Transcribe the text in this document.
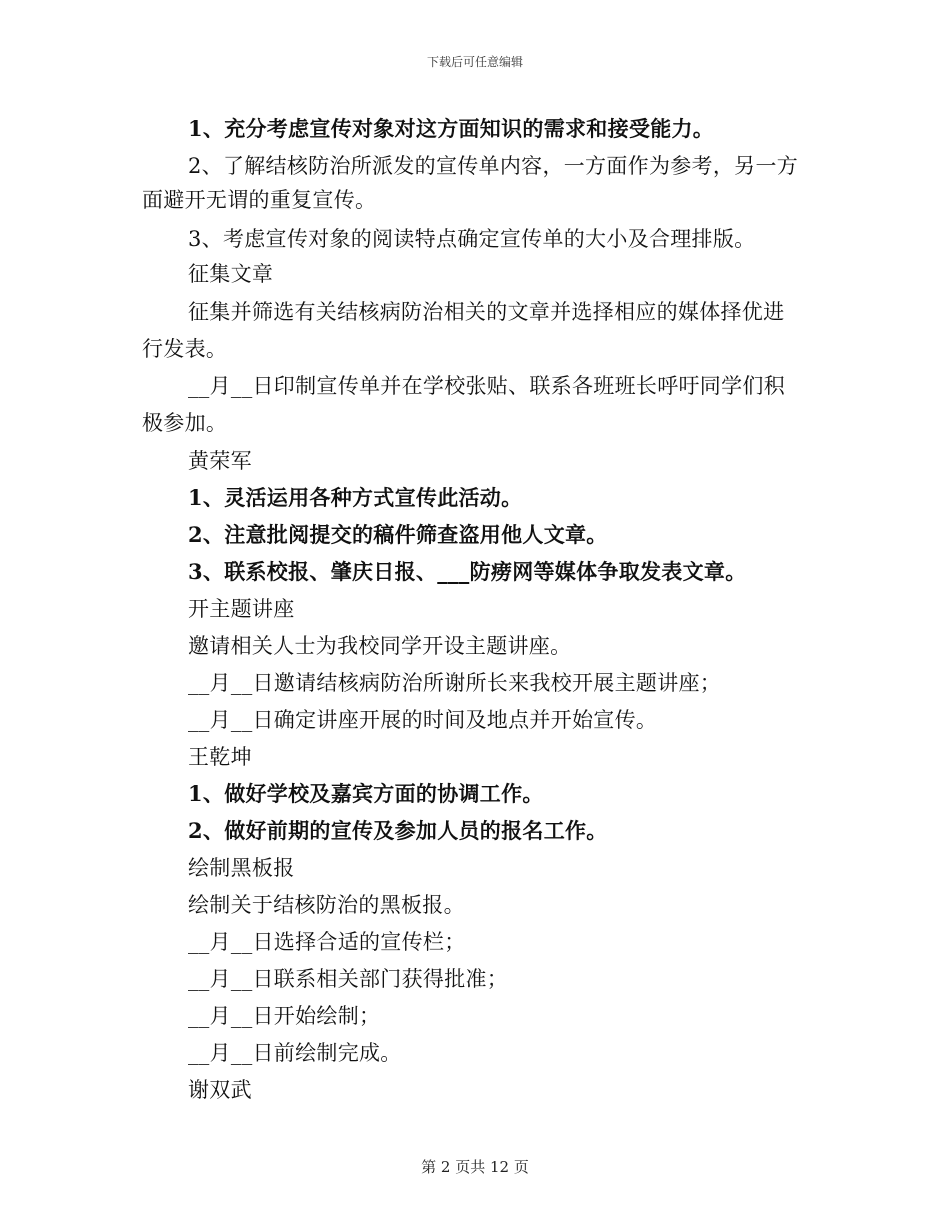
下载后可任意编辑
1、充分考虑宣传对象对这方面知识的需求和接受能力。
2、了解结核防治所派发的宣传单内容，一方面作为参考，另一方
面避开无谓的重复宣传。
3、考虑宣传对象的阅读特点确定宣传单的大小及合理排版。
征集文章
征集并筛选有关结核病防治相关的文章并选择相应的媒体择优进
行发表。
__月__日印制宣传单并在学校张贴、联系各班班长呼吁同学们积
极参加。
黄荣军
1、灵活运用各种方式宣传此活动。
2、注意批阅提交的稿件筛查盗用他人文章。
3、联系校报、肇庆日报、___防痨网等媒体争取发表文章。
开主题讲座
邀请相关人士为我校同学开设主题讲座。
__月__日邀请结核病防治所谢所长来我校开展主题讲座；
__月__日确定讲座开展的时间及地点并开始宣传。
王乾坤
1、做好学校及嘉宾方面的协调工作。
2、做好前期的宣传及参加人员的报名工作。
绘制黑板报
绘制关于结核防治的黑板报。
__月__日选择合适的宣传栏；
__月__日联系相关部门获得批准；
__月__日开始绘制；
__月__日前绘制完成。
谢双武
第 2 页共 12 页
